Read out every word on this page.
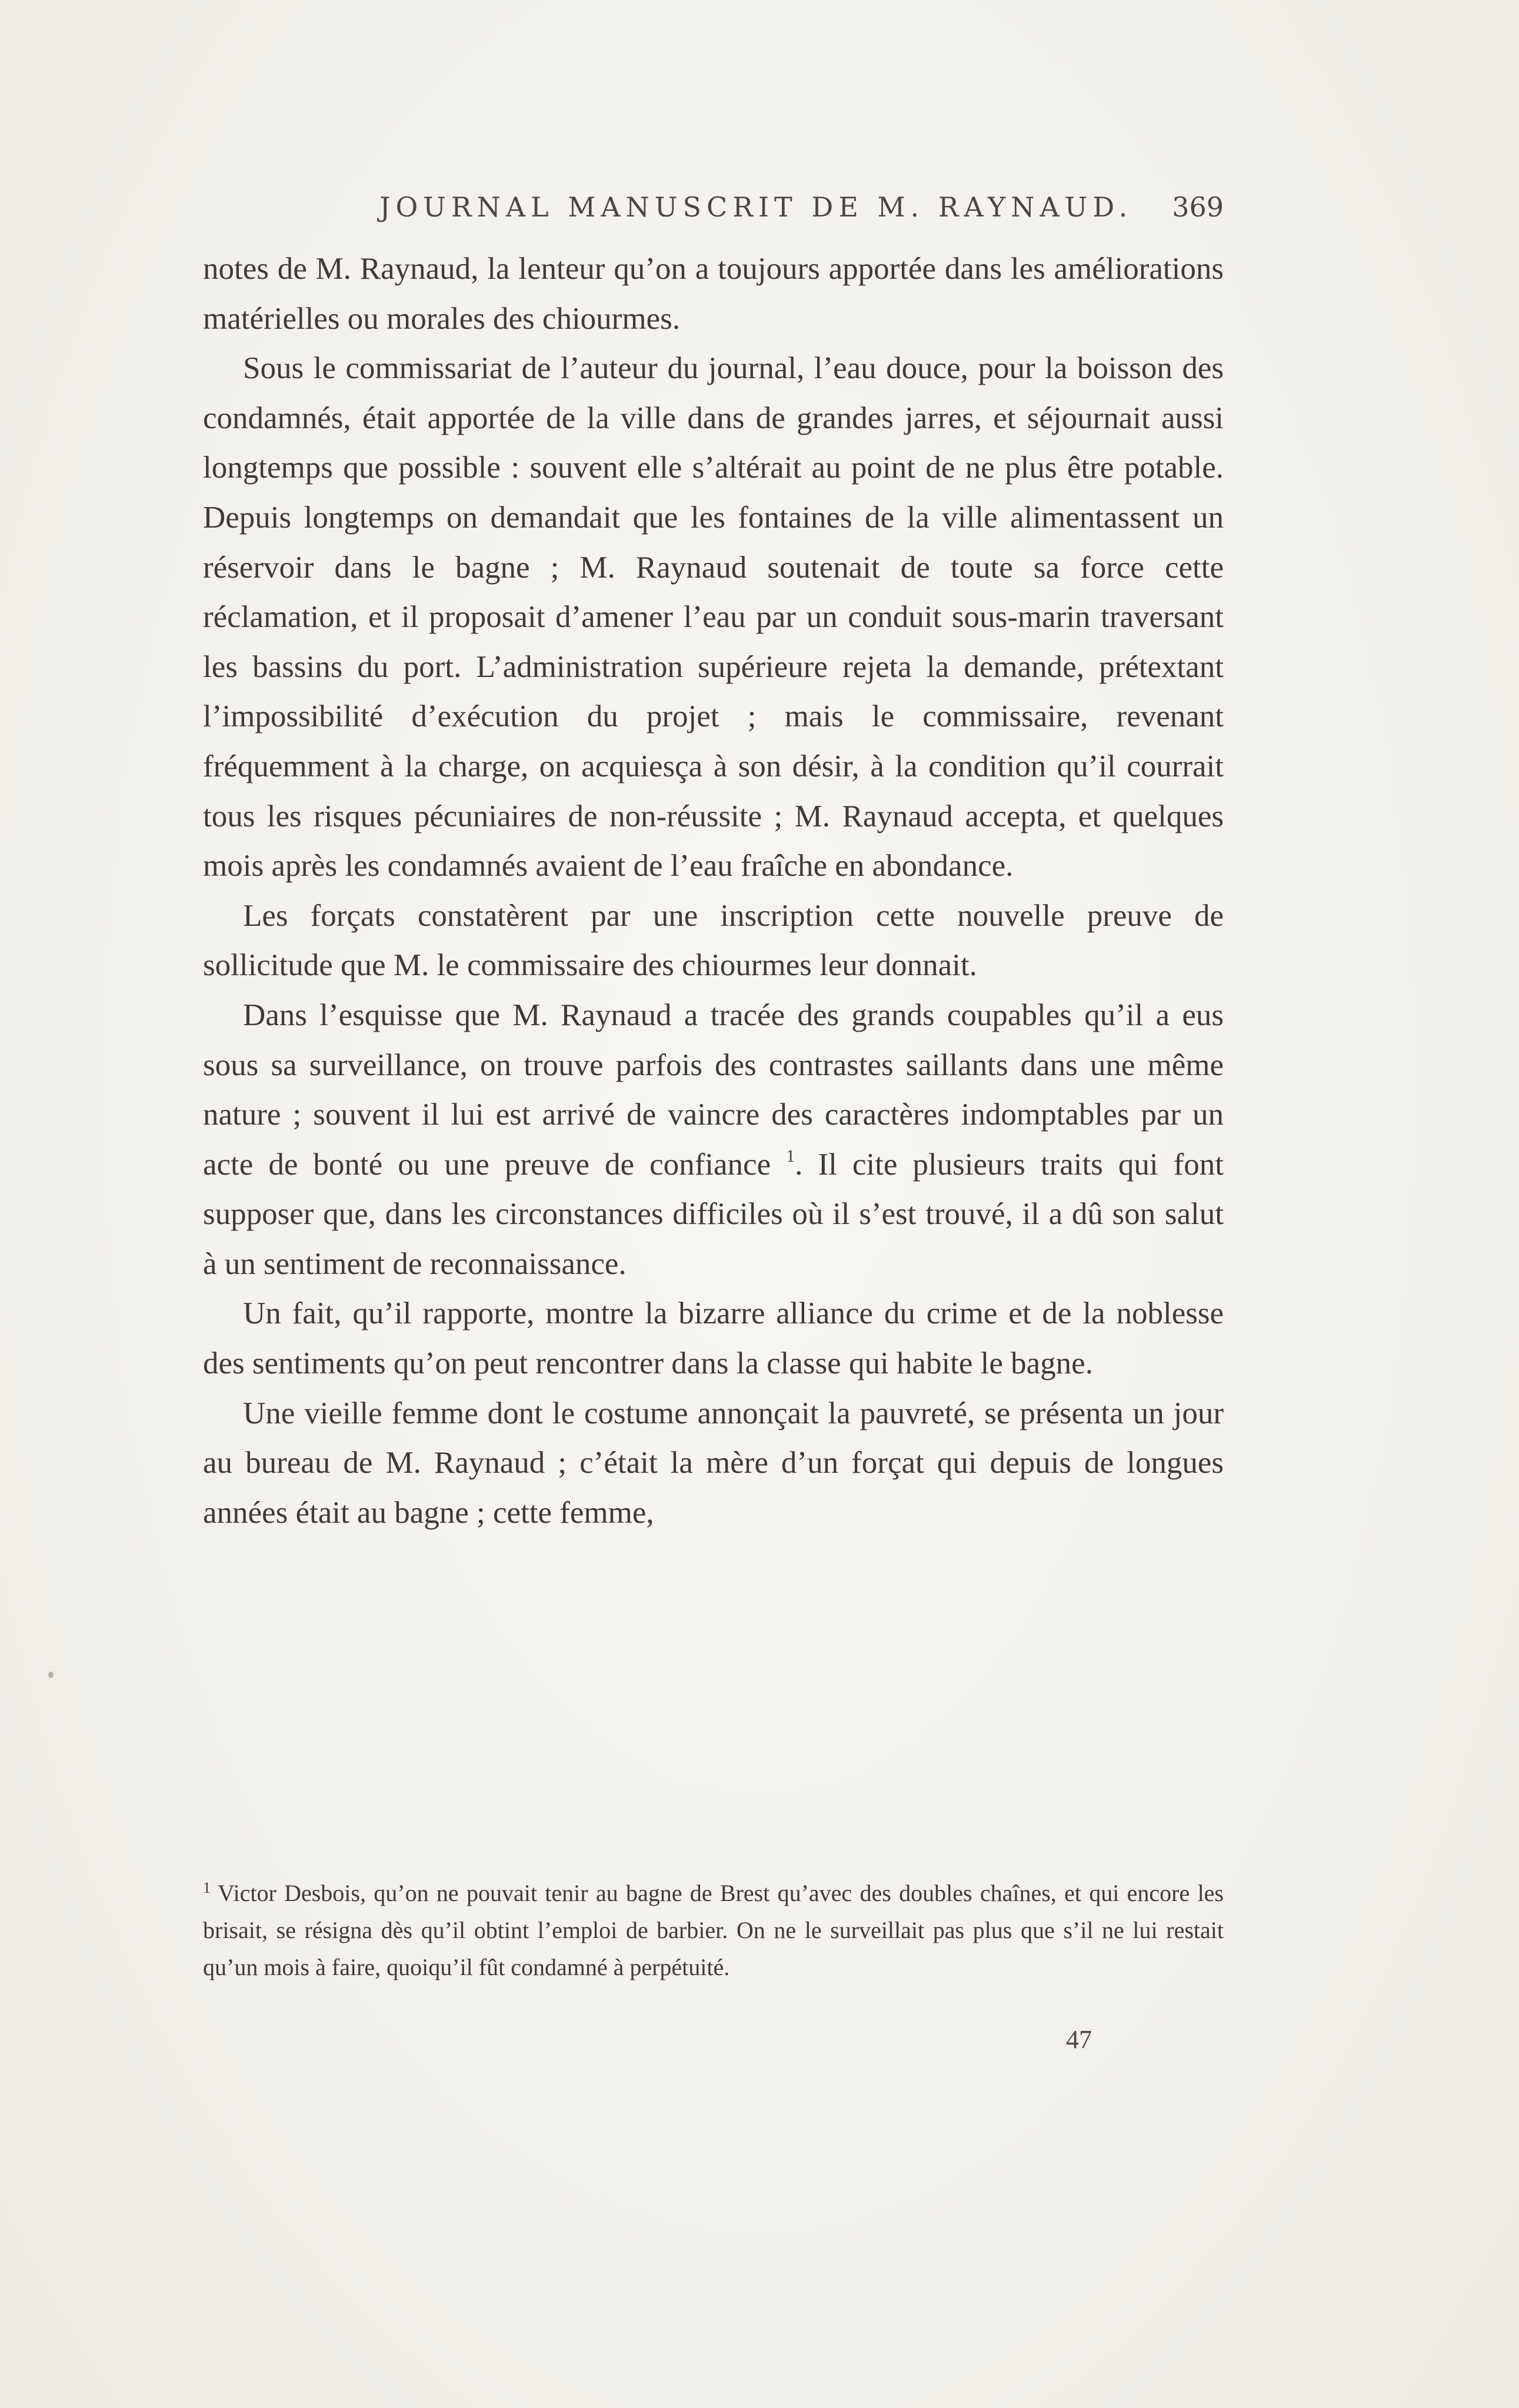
JOURNAL MANUSCRIT DE M. RAYNAUD. 369

notes de M. Raynaud, la lenteur qu’on a toujours apportée dans les améliorations matérielles ou morales des chiourmes.

Sous le commissariat de l’auteur du journal, l’eau douce, pour la boisson des condamnés, était apportée de la ville dans de grandes jarres, et séjournait aussi longtemps que possible : souvent elle s’altérait au point de ne plus être potable. Depuis longtemps on demandait que les fontaines de la ville alimentassent un réservoir dans le bagne ; M. Raynaud soutenait de toute sa force cette réclamation, et il proposait d’amener l’eau par un conduit sous-marin traversant les bassins du port. L’administration supérieure rejeta la demande, prétextant l’impossibilité d’exécution du projet ; mais le commissaire, revenant fréquemment à la charge, on acquiesça à son désir, à la condition qu’il courrait tous les risques pécuniaires de non-réussite ; M. Raynaud accepta, et quelques mois après les condamnés avaient de l’eau fraîche en abondance.

Les forçats constatèrent par une inscription cette nouvelle preuve de sollicitude que M. le commissaire des chiourmes leur donnait.

Dans l’esquisse que M. Raynaud a tracée des grands coupables qu’il a eus sous sa surveillance, on trouve parfois des contrastes saillants dans une même nature ; souvent il lui est arrivé de vaincre des caractères indomptables par un acte de bonté ou une preuve de confiance $^1$. Il cite plusieurs traits qui font supposer que, dans les circonstances difficiles où il s’est trouvé, il a dû son salut à un sentiment de reconnaissance.

Un fait, qu’il rapporte, montre la bizarre alliance du crime et de la noblesse des sentiments qu’on peut rencontrer dans la classe qui habite le bagne.

Une vieille femme dont le costume annonçait la pauvreté, se présenta un jour au bureau de M. Raynaud ; c’était la mère d’un forçat qui depuis de longues années était au bagne ; cette femme,

$^1$ Victor Desbois, qu’on ne pouvait tenir au bagne de Brest qu’avec des doubles chaînes, et qui encore les brisait, se résigna dès qu’il obtint l’emploi de barbier. On ne le surveillait pas plus que s’il ne lui restait qu’un mois à faire, quoiqu’il fût condamné à perpétuité.

47
